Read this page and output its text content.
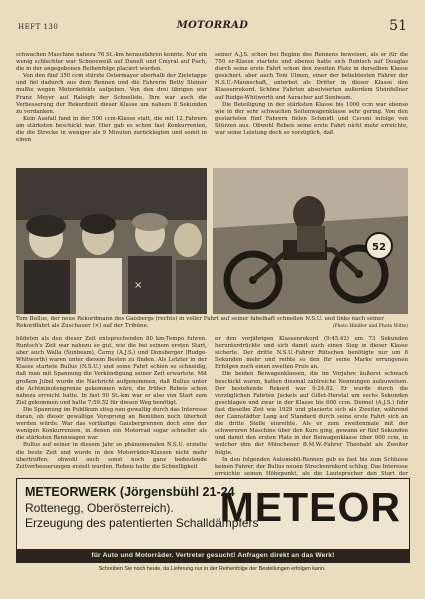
HEFT 130	MOTORRAD	51

schwachen Maschine nahezu 76 St.-km herausfahren konnte. Nur ein wenig schlechter war Schneeweiß auf Dunelt und Cmyral auf Puch, die in der angegebenen Reihenfolge placiert wurden.

Von den fünf 350 ccm stürzte Ostermayer oberhalb der Zieletappe und fiel dadurch aus dem Rennen und die Fahrerin Betty Steiner mußte wegen Motordefekts aufgeben. Von den drei übrigen war Franz Meyer auf Raleigh der Schnellste. Ihm war auch die Verbesserung der Rekordzeit dieser Klasse um nahezu 8 Sekunden zu verdanken.

Kein Ausfall fand in der 500 ccm-Klasse statt, die mit 12 Fahrern am stärksten beschickt war. Hier gab es schon fast Konkurrenten, die die Strecke in weniger als 9 Minuten zurücklegten und somit in einen

seiner A.J.S. schon bei Beginn des Rennens beweisen, als er für die 750 er-Klasse startete und ebenso hatte sich Runtsch auf Douglas durch seine erste Fahrt schon den zweiten Platz in derselben Klasse gesichert, aber auch Toni Ulmen, einer der beliebtesten Fahrer der N.S.U.-Mannschaft, unterbot als Dritter in dieser Klasse den Klassenrekord. Schöne Fahrten absolvierten außerdem Steinfellner auf Rudge-Whitworth und Auracher auf Sunbeam.

Die Beteiligung in der stärksten Klasse bis 1000 ccm war ebenso wie in der sehr schwachen Seitenwagenklasse sehr gering. Von den gestarteten fünf Fahrern fielen Schmidt und Ceconi infolge von Stürzen aus. Obwohl Rebeis seine erste Fahrt nicht mehr erreichte, war seine Leistung doch so vorzüglich, daß

×
52
Tom Bullus, der neue Rekordmann des Gaisbergs (rechts) in voller Fahrt auf seiner fabelhaft schnellen N.S.U. und links nach seiner Rekordfahrt als Zuschauer (×) auf der Tribüne.	(Photo Hindler und Photo Witte)

bildeten als den dieser Zeit entsprechenden 80 km-Tempo fuhren. Runtsch's Zeit war nahezu so gut, wie die bei seinem ersten Start, aber auch Walla (Sunbeam), Černy (A.J.S.) und Donsberger (Rudge-Whitworth) waren unter diesem Besten zu finden. Als Letzter in der Klasse startete Bullus (N.S.U.) und seine Fahrt schien so schneidig, daß man mit Spannung die Verkündigung seiner Zeit erwartete. Mit großem Jubel wurde die Nachricht aufgenommen, daß Bullus unter die Achtminutengrenze gekommen wäre, die früher Rebeis schon nahezu erreicht hatte. In fast 90 St.-km war er also von Start zum Ziel gekommen und hatte 7:59.52 für diesen Weg benötigt.

Die Spannung im Publikum stieg nun gewaltig durch das Interesse daran, ob dieser gewaltige Vorsprung an Bemühen noch überholt werden würde. War das vorläufige Gaisbergrennen doch eine der wenigen Konkurrenzen, in denen ein Motorrad sogar schneller als die stärksten Rennwagen war.

Bullus auf seiner in diesem Jahr so phänomenalen N.S.U. erzielte die beste Zeit und wurde in den Motorräder-Klassen nicht mehr übertroffen, obwohl auch sonst noch ganz bedeutende Zeitverbesserungen erzielt wurden. Rebeis hatte die Schnelligkeit

er den vorjährigen Klassenrekord (9:45.42) um 73 Sekunden herunterdrückte und sich damit auch einen Sieg in dieser Klasse sicherte. Der dritte N.S.U.-Fahrer Rütschen benötigte nur um 8 Sekunden mehr und reihte so den für seine Marke errungenen Erfolgen noch einen zweiten Preis an.

Die beiden Beiwagenklassen, die im Vorjahre äußerst schwach beschickt waren, hatten diesmal zahlreiche Nennungen aufzuweisen. Der bestehende Rekord war 9:24.82. Er wurde durch die vorzüglichen Fahrten Jackels auf Gillet-Herstal um sechs Sekunden geschlagen und zwar in der Klasse bis 600 ccm. Deimel (A.J.S.) fuhr fast dieselbe Zeit wie 1929 und placierte sich als Zweiter, während der Cannstädter Lang auf Standard durch seine erste Fahrt sich an die dritte Stelle einreihte. Als er zum zweitenmale mit der schwereren Maschine über den Kurs ging, gewann er fünf Sekunden und damit den ersten Platz in der Beiwagenklasse über 600 ccm, in welcher ihm der Münchener B.M.W.-Fahrer Theobald als Zweiter folgte.

In den folgenden Automobil-Rennen gab es fast bis zum Schlusse keinen Fahrer, der Bullus neuen Streckenrekord schlug. Das Interesse erreichte seinen Höhepunkt, als die Lautsprecher den Start der

METEORWERK (Jörgensbühl 21-24
Rottenegg, Oberösterreich).
Erzeugung des patentierten Schalldämpfers
METEOR
für Auto und Motorräder. Vertreter gesucht! Anfragen direkt an das Werk!
Schreiben Sie noch heute, da Lieferung nur in der Reihenfolge der Bestellungen erfolgen kann.
